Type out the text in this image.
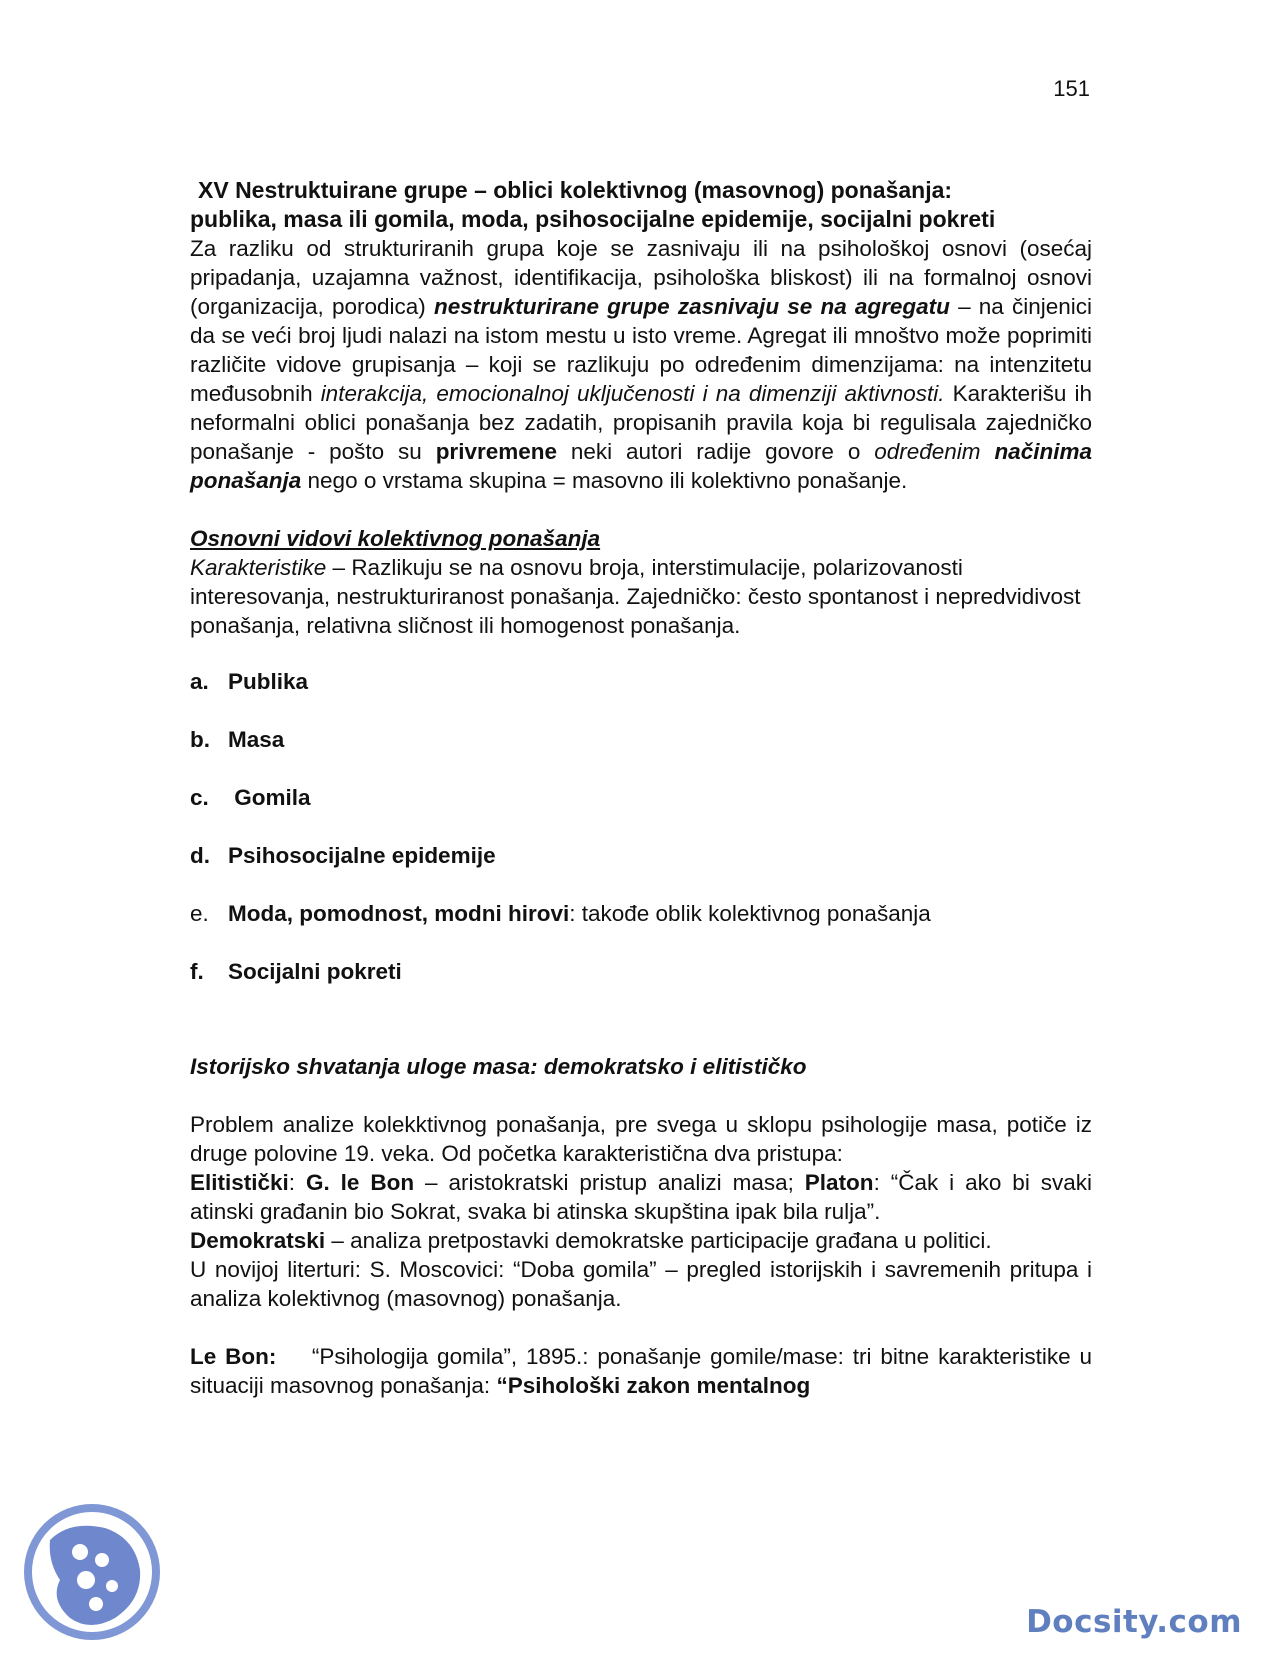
151

XV Nestruktuirane grupe – oblici kolektivnog (masovnog) ponašanja:
publika, masa ili gomila, moda, psihosocijalne epidemije, socijalni pokreti

Za razliku od strukturiranih grupa koje se zasnivaju ili na psihološkoj osnovi (osećaj pripadanja, uzajamna važnost, identifikacija, psihološka bliskost) ili na formalnoj osnovi (organizacija, porodica) nestrukturirane grupe zasnivaju se na agregatu – na činjenici da se veći broj ljudi nalazi na istom mestu u isto vreme. Agregat ili mnoštvo može poprimiti različite vidove grupisanja – koji se razlikuju po određenim dimenzijama: na intenzitetu međusobnih interakcija, emocionalnoj uključenosti i na dimenziji aktivnosti. Karakterišu ih neformalni oblici ponašanja bez zadatih, propisanih pravila koja bi regulisala zajedničko ponašanje - pošto su privremene neki autori radije govore o određenim načinima ponašanja nego o vrstama skupina = masovno ili kolektivno ponašanje.

Osnovni vidovi kolektivnog ponašanja

Karakteristike – Razlikuju se na osnovu broja, interstimulacije, polarizovanosti interesovanja, nestrukturiranost ponašanja. Zajedničko: često spontanost i nepredvidivost ponašanja, relativna sličnost ili homogenost ponašanja.

a. Publika
b. Masa
c. Gomila
d. Psihosocijalne epidemije
e. Moda, pomodnost, modni hirovi: takođe oblik kolektivnog ponašanja
f.	Socijalni pokreti

Istorijsko shvatanja uloge masa: demokratsko i elitističko

Problem analize kolekktivnog ponašanja, pre svega u sklopu psihologije masa, potiče iz druge polovine 19. veka. Od početka karakteristična dva pristupa:
Elitistički: G. le Bon – aristokratski pristup analizi masa; Platon: “Čak i ako bi svaki atinski građanin bio Sokrat, svaka bi atinska skupština ipak bila rulja”.
Demokratski – analiza pretpostavki demokratske participacije građana u politici.
U novijoj literturi: S. Moscovici: “Doba gomila” – pregled istorijskih i savremenih pritupa i analiza kolektivnog (masovnog) ponašanja.

Le Bon: “Psihologija gomila”, 1895.: ponašanje gomile/mase: tri bitne karakteristike u situaciji masovnog ponašanja: “Psihološki zakon mentalnog

Docsity.com
